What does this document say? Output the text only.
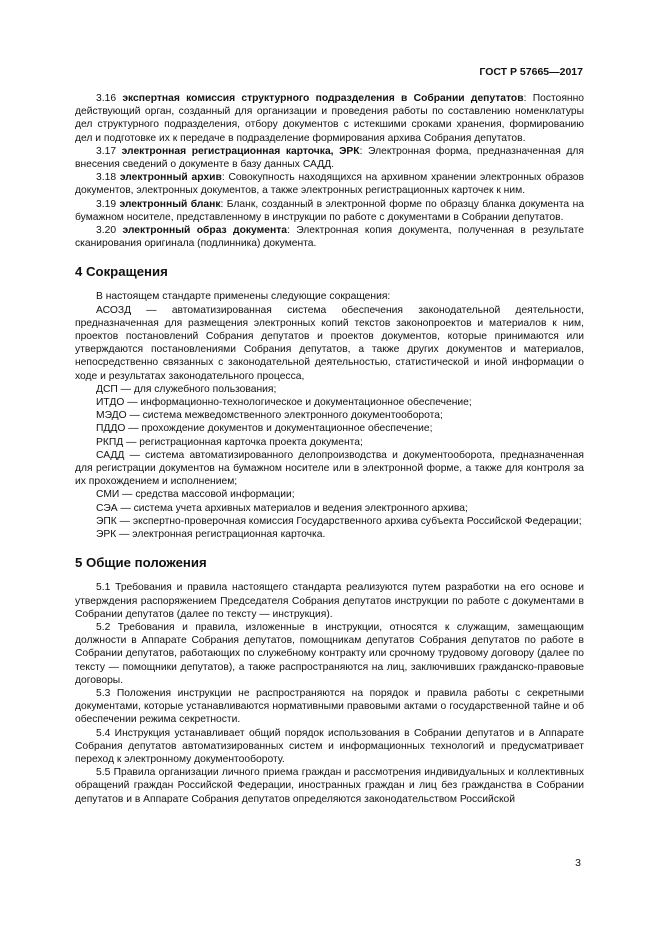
ГОСТ Р 57665—2017

3.16 экспертная комиссия структурного подразделения в Собрании депутатов: Постоянно действующий орган, созданный для организации и проведения работы по составлению номенклатуры дел структурного подразделения, отбору документов с истекшими сроками хранения, формированию дел и подготовке их к передаче в подразделение формирования архива Собрания депутатов.

3.17 электронная регистрационная карточка, ЭРК: Электронная форма, предназначенная для внесения сведений о документе в базу данных САДД.

3.18 электронный архив: Совокупность находящихся на архивном хранении электронных образов документов, электронных документов, а также электронных регистрационных карточек к ним.

3.19 электронный бланк: Бланк, созданный в электронной форме по образцу бланка документа на бумажном носителе, представленному в инструкции по работе с документами в Собрании депутатов.

3.20 электронный образ документа: Электронная копия документа, полученная в результате сканирования оригинала (подлинника) документа.

4 Сокращения

В настоящем стандарте применены следующие сокращения:

АСОЗД — автоматизированная система обеспечения законодательной деятельности, предназначенная для размещения электронных копий текстов законопроектов и материалов к ним, проектов постановлений Собрания депутатов и проектов документов, которые принимаются или утверждаются постановлениями Собрания депутатов, а также других документов и материалов, непосредственно связанных с законодательной деятельностью, статистической и иной информации о ходе и результатах законодательного процесса,

ДСП — для служебного пользования;

ИТДО — информационно-технологическое и документационное обеспечение;

МЭДО — система межведомственного электронного документооборота;

ПДДО — прохождение документов и документационное обеспечение;

РКПД — регистрационная карточка проекта документа;

САДД — система автоматизированного делопроизводства и документооборота, предназначенная для регистрации документов на бумажном носителе или в электронной форме, а также для контроля за их прохождением и исполнением;

СМИ — средства массовой информации;

СЭА — система учета архивных материалов и ведения электронного архива;

ЭПК — экспертно-проверочная комиссия Государственного архива субъекта Российской Федерации;

ЭРК — электронная регистрационная карточка.

5 Общие положения

5.1 Требования и правила настоящего стандарта реализуются путем разработки на его основе и утверждения распоряжением Председателя Собрания депутатов инструкции по работе с документами в Собрании депутатов (далее по тексту — инструкция).

5.2 Требования и правила, изложенные в инструкции, относятся к служащим, замещающим должности в Аппарате Собрания депутатов, помощникам депутатов Собрания депутатов по работе в Собрании депутатов, работающих по служебному контракту или срочному трудовому договору (далее по тексту — помощники депутатов), а также распространяются на лиц, заключивших гражданско-правовые договоры.

5.3 Положения инструкции не распространяются на порядок и правила работы с секретными документами, которые устанавливаются нормативными правовыми актами о государственной тайне и об обеспечении режима секретности.

5.4 Инструкция устанавливает общий порядок использования в Собрании депутатов и в Аппарате Собрания депутатов автоматизированных систем и информационных технологий и предусматривает переход к электронному документообороту.

5.5 Правила организации личного приема граждан и рассмотрения индивидуальных и коллективных обращений граждан Российской Федерации, иностранных граждан и лиц без гражданства в Собрании депутатов и в Аппарате Собрания депутатов определяются законодательством Российской

3
